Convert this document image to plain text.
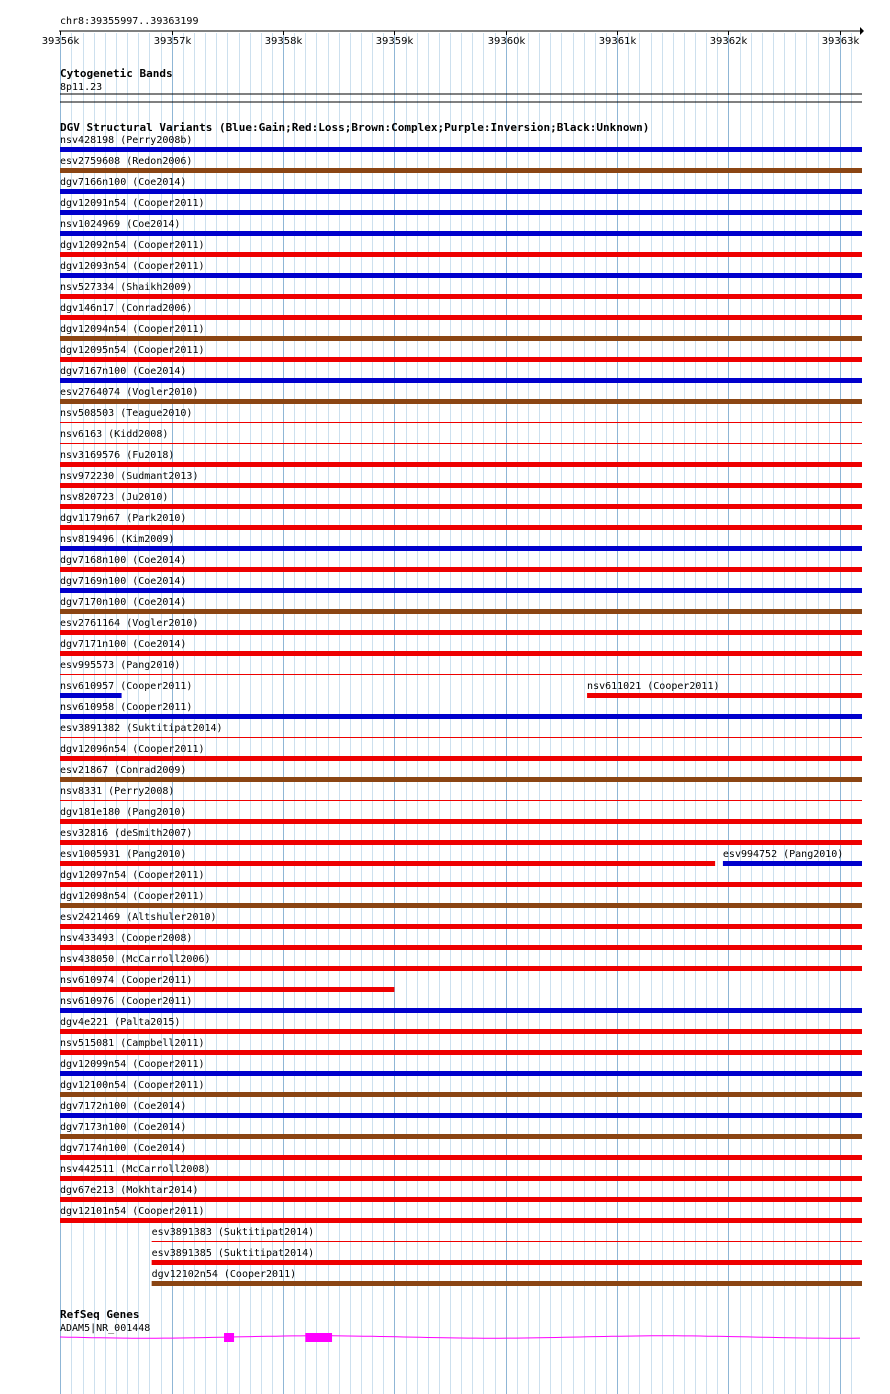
chr8:39355997..39363199
39356k	39357k	39358k	39359k	39360k	39361k	39362k	39363k
Cytogenetic Bands
8p11.23
DGV Structural Variants (Blue:Gain;Red:Loss;Brown:Complex;Purple:Inversion;Black:Unknown)
nsv428198 (Perry2008b)
esv2759608 (Redon2006)
dgv7166n100 (Coe2014)
dgv12091n54 (Cooper2011)
nsv1024969 (Coe2014)
dgv12092n54 (Cooper2011)
dgv12093n54 (Cooper2011)
nsv527334 (Shaikh2009)
dgv146n17 (Conrad2006)
dgv12094n54 (Cooper2011)
dgv12095n54 (Cooper2011)
dgv7167n100 (Coe2014)
esv2764074 (Vogler2010)
nsv508503 (Teague2010)
nsv6163 (Kidd2008)
nsv3169576 (Fu2018)
nsv972230 (Sudmant2013)
nsv820723 (Ju2010)
dgv1179n67 (Park2010)
nsv819496 (Kim2009)
dgv7168n100 (Coe2014)
dgv7169n100 (Coe2014)
dgv7170n100 (Coe2014)
esv2761164 (Vogler2010)
dgv7171n100 (Coe2014)
esv995573 (Pang2010)
nsv610957 (Cooper2011)	nsv611021 (Cooper2011)
nsv610958 (Cooper2011)
esv3891382 (Suktitipat2014)
dgv12096n54 (Cooper2011)
esv21867 (Conrad2009)
nsv8331 (Perry2008)
dgv181e180 (Pang2010)
esv32816 (deSmith2007)
esv1005931 (Pang2010)	esv994752 (Pang2010)
dgv12097n54 (Cooper2011)
dgv12098n54 (Cooper2011)
esv2421469 (Altshuler2010)
nsv433493 (Cooper2008)
nsv438050 (McCarroll2006)
nsv610974 (Cooper2011)
nsv610976 (Cooper2011)
dgv4e221 (Palta2015)
nsv515081 (Campbell2011)
dgv12099n54 (Cooper2011)
dgv12100n54 (Cooper2011)
dgv7172n100 (Coe2014)
dgv7173n100 (Coe2014)
dgv7174n100 (Coe2014)
nsv442511 (McCarroll2008)
dgv67e213 (Mokhtar2014)
dgv12101n54 (Cooper2011)
esv3891383 (Suktitipat2014)
esv3891385 (Suktitipat2014)
dgv12102n54 (Cooper2011)
RefSeq Genes
ADAM5|NR_001448
